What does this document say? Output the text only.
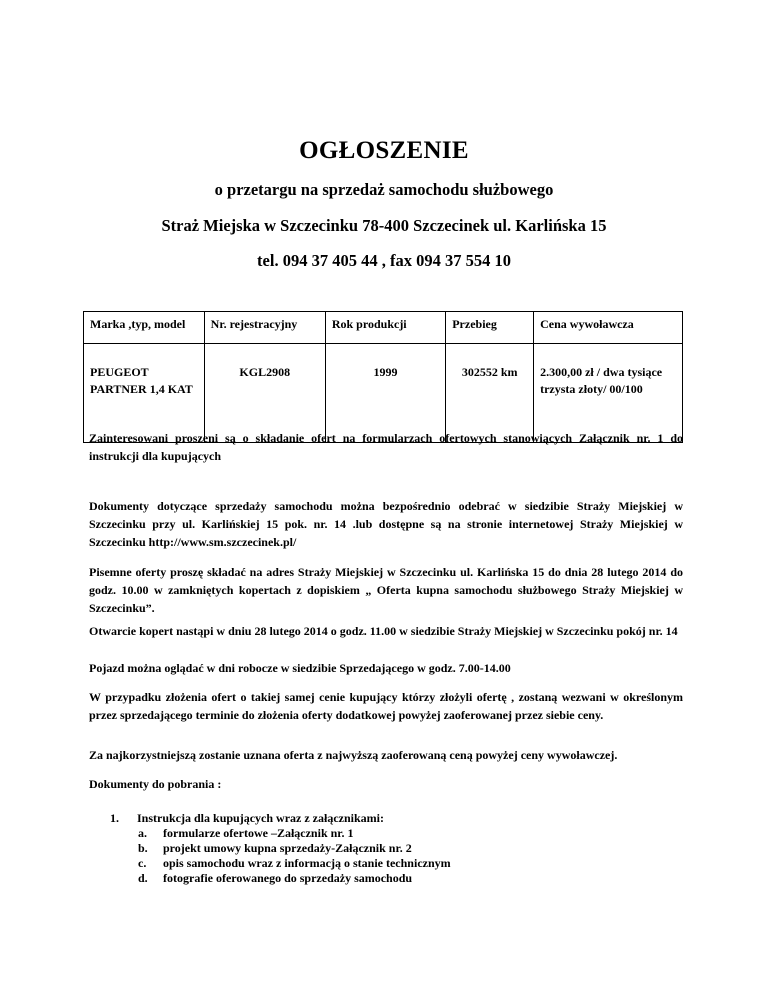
OGŁOSZENIE
o przetargu na sprzedaż samochodu służbowego
Straż Miejska w Szczecinku 78-400 Szczecinek ul. Karlińska 15
tel. 094 37 405 44 , fax 094 37 554 10
Marka ,typ, model	Nr. rejestracyjny	Rok produkcji	Przebieg	Cena wywoławcza
PEUGEOT PARTNER 1,4 KAT	KGL2908	1999	302552 km	2.300,00 zł / dwa tysiące trzysta złoty/ 00/100
Zainteresowani proszeni są o składanie ofert na formularzach ofertowych stanowiących Załącznik nr. 1 do instrukcji dla kupujących
Dokumenty dotyczące sprzedaży samochodu można bezpośrednio odebrać w siedzibie Straży Miejskiej w Szczecinku przy ul. Karlińskiej 15 pok. nr. 14 .lub dostępne są na stronie internetowej Straży Miejskiej w Szczecinku http://www.sm.szczecinek.pl/
Pisemne oferty proszę składać na adres Straży Miejskiej w Szczecinku ul. Karlińska 15 do dnia 28 lutego 2014 do godz. 10.00 w zamkniętych kopertach z dopiskiem „ Oferta kupna samochodu służbowego Straży Miejskiej w Szczecinku”.
Otwarcie kopert nastąpi w dniu 28 lutego 2014 o godz. 11.00 w siedzibie Straży Miejskiej w Szczecinku pokój nr. 14
Pojazd można oglądać w dni robocze w siedzibie Sprzedającego w godz. 7.00-14.00
W przypadku złożenia ofert o takiej samej cenie kupujący którzy złożyli ofertę , zostaną wezwani w określonym przez sprzedającego terminie do złożenia oferty dodatkowej powyżej zaoferowanej przez siebie ceny.
Za najkorzystniejszą zostanie uznana oferta z najwyższą zaoferowaną ceną powyżej ceny wywoławczej.
Dokumenty do pobrania :
1. Instrukcja dla kupujących wraz z załącznikami:
a. formularze ofertowe –Załącznik nr. 1
b. projekt umowy kupna sprzedaży-Załącznik nr. 2
c. opis samochodu wraz z informacją o stanie technicznym
d. fotografie oferowanego do sprzedaży samochodu
